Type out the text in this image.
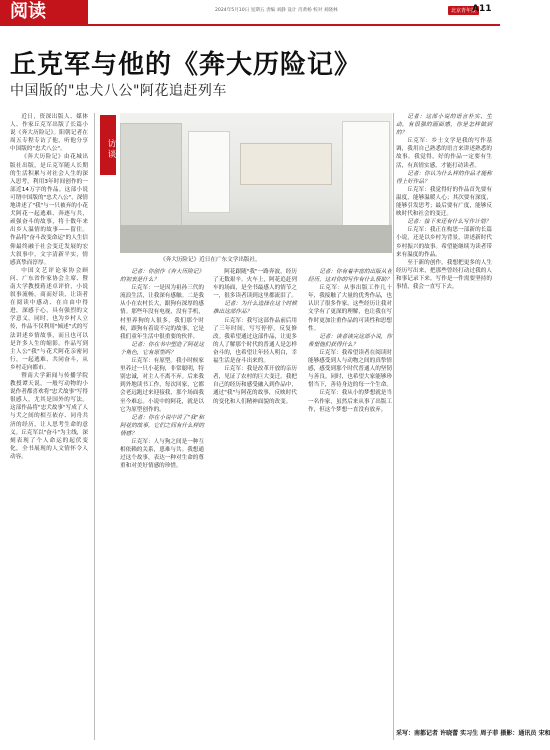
阅读	2024年5月10日 星期五 责编 刘静 设计 肖黄杨 校对 刘晓林	北京青年报
A11
丘克军与他的《奔大历险记》
中国版的"忠犬八公"阿花追赶列车

近日，资深出版人、媒体人、作家丘克军出版了长篇小说《奔大历险记》。阳朝记者在周五专程专访了他，听他分享中国版的"忠犬八公"。

《奔大历险记》由花城出版社出版，是丘克军随人长期的生活积累与对社会人生的深入思考，利用3年时间创作的一部近14万字的作品。这部小说可谓中国版的"忠犬八公"，深情地讲述了"我"与一只被弃的小花犬阿花一起逃难、奔逐与共，顽强奋斗的故事，将十数年来出乡人温情的故事——留住。作品将"奋斗改变命运"的人生信仰最终融于社会变迁发展的宏大叙事中，文字清新平实，情感真挚而淳厚。

中国文艺评论家协会顾问、广东省作家协会主席、暨南大学教授蒋述卓评价，小说叙事流畅，商而好读，让读者在阅读中感动、在自由中得进，深感于心，具有强烈的文学意义，同时，也为乡村人立传，作品不仅利用"倾述"式的写法讲述乡情故事，而且也可以是许多人生的缩影。作品写到主人公"我"与花犬阿花亲密同行，一起逃难、共同奋斗，从乡村走向都市。

暨南大学新闻与传播学院教授谭天说，一般写动物的小说作者都喜欢将"忠犬故事"写得很感人，尤其是国外的写法。这部作品将"忠犬故事"写成了人与犬之间的相互依存、同舟共济的经历，让人思考生命的意义。丘克军以"奋斗"为主线，深刻表现了个人命运的起伏变化，全书展现的人文情怀令人动容。

访谈
《奔大历险记》近日在广东文学出版社。

记者：你创作《奔大历险记》的初衷是什么？

丘克军：一是因为祖孙三代的流浪生活，让我深有感触。二是我从小在农村长大，跟狗有深厚的感情。那些年没有电视，没有手机，村里养狗的人很多，我们那个时候，跟狗有着说不完的故事，它是我们童年生活中很重要的伙伴。

记者：你在书中塑造了阿花这个角色，它有原型吗？

丘克军：有原型。我小时候家里养过一只小花狗，非常聪明，特别忠诚，对主人不离不弃。后来我到外地读书工作，每次回家，它都会老远跑过来迎接我，那个场面我至今难忘。小说中的阿花，就是以它为原型创作的。

记者：你在小说中讲了"我"和阿花的故事，它们之间有什么样的情感？

丘克军：人与狗之间是一种互相依赖的关系，患难与共。我想通过这个故事，表达一种对生命的尊重和对美好情感的珍惜。

阿花跟随"我"一路奔波，经历了无数艰辛。火车上，阿花追赶列车的场面，是全书最感人的情节之一，很多读者读到这里都流泪了。

记者：为什么选择在这个时候推出这部作品？

丘克军：我写这部作品前后用了三年时间，写写停停，反复修改。我希望通过这部作品，让更多的人了解那个时代的普通人是怎样奋斗的，也希望让年轻人明白，幸福生活是奋斗出来的。

丘克军：我是改革开放的亲历者，见证了农村的巨大变迁。我把自己的经历和感受融入到作品中，通过"我"与阿花的故事，反映时代的变化和人们精神面貌的改变。

记者：你有着丰富的出版从业经历，这对你的写作有什么帮助？

丘克军：从事出版工作几十年，我接触了大量的优秀作品，也认识了很多作家。这些经历让我对文学有了更深的理解，也让我在写作时更加注重作品的可读性和思想性。

记者：读者读完这部小说，你希望他们获得什么？

丘克军：我希望读者在阅读时能够感受到人与动物之间的真挚情感，感受到那个时代普通人的坚韧与善良。同时，也希望大家能够珍惜当下，善待身边的每一个生命。

丘克军：我从小的梦想就是当一名作家，虽然后来从事了出版工作，但这个梦想一直没有放弃。

记者：这部小说的语言朴实、生动，有很强的画面感，你是怎样做到的？

丘克军：乡土文学是我的写作基调，我用自己熟悉的语言来讲述熟悉的故事。我觉得，好的作品一定要有生活，有真情实感，才能打动读者。

记者：你认为什么样的作品才能称得上好作品？

丘克军：我觉得好的作品首先要有温度，能够温暖人心；其次要有深度，能够引发思考；最后要有广度，能够反映时代和社会的变迁。

记者：接下来还有什么写作计划？

丘克军：我正在构思一部新的长篇小说，还是以乡村为背景，讲述新时代乡村振兴的故事。希望能继续为读者带来有温度的作品。

至于新的创作，我想把更多的人生经历写出来，把那些曾经打动过我的人和事记录下来。写作是一件需要坚持的事情，我会一直写下去。

采写：南都记者 许晓蕾 实习生 周子菲 摄影：通讯员 宋和
